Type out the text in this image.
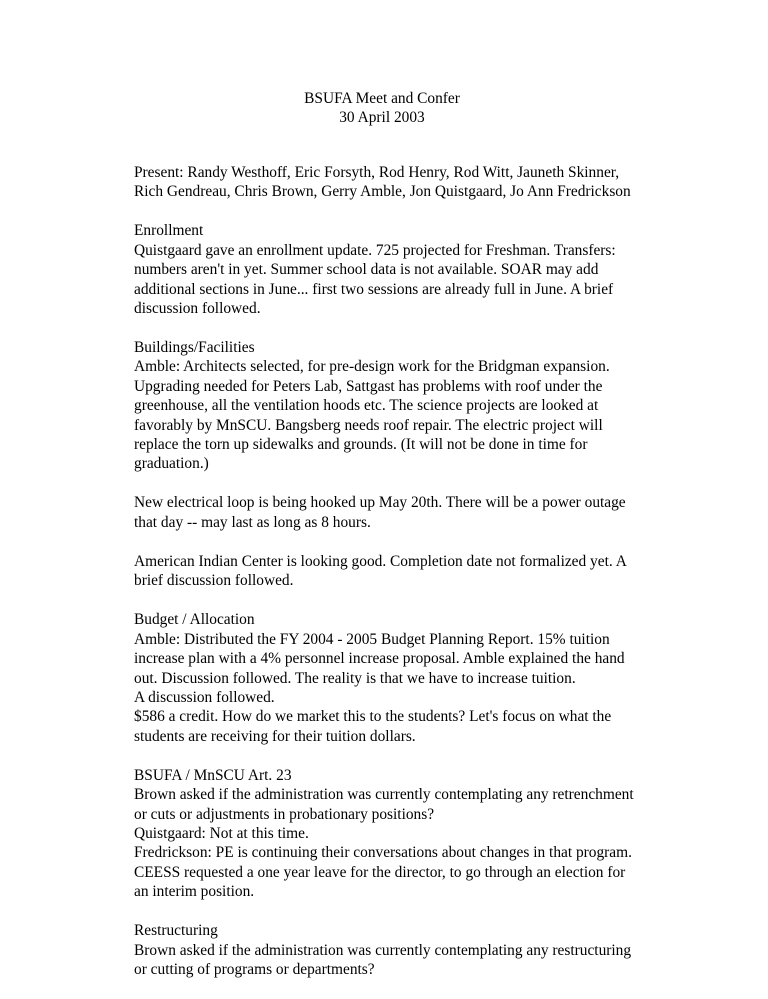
BSUFA Meet and Confer
30 April 2003
Present: Randy Westhoff, Eric Forsyth, Rod Henry, Rod Witt, Jauneth Skinner,
Rich Gendreau, Chris Brown, Gerry Amble, Jon Quistgaard, Jo Ann Fredrickson
Enrollment
Quistgaard gave an enrollment update. 725 projected for Freshman. Transfers:
numbers aren't in yet. Summer school data is not available. SOAR may add
additional sections in June... first two sessions are already full in June. A brief
discussion followed.
Buildings/Facilities
Amble: Architects selected, for pre-design work for the Bridgman expansion.
Upgrading needed for Peters Lab, Sattgast has problems with roof under the
greenhouse, all the ventilation hoods etc. The science projects are looked at
favorably by MnSCU. Bangsberg needs roof repair. The electric project will
replace the torn up sidewalks and grounds. (It will not be done in time for
graduation.)
New electrical loop is being hooked up May 20th. There will be a power outage
that day -- may last as long as 8 hours.
American Indian Center is looking good. Completion date not formalized yet. A
brief discussion followed.
Budget / Allocation
Amble: Distributed the FY 2004 - 2005 Budget Planning Report. 15% tuition
increase plan with a 4% personnel increase proposal. Amble explained the hand
out. Discussion followed. The reality is that we have to increase tuition.
A discussion followed.
$586 a credit. How do we market this to the students? Let's focus on what the
students are receiving for their tuition dollars.
BSUFA / MnSCU Art. 23
Brown asked if the administration was currently contemplating any retrenchment
or cuts or adjustments in probationary positions?
Quistgaard: Not at this time.
Fredrickson: PE is continuing their conversations about changes in that program.
CEESS requested a one year leave for the director, to go through an election for
an interim position.
Restructuring
Brown asked if the administration was currently contemplating any restructuring
or cutting of programs or departments?
